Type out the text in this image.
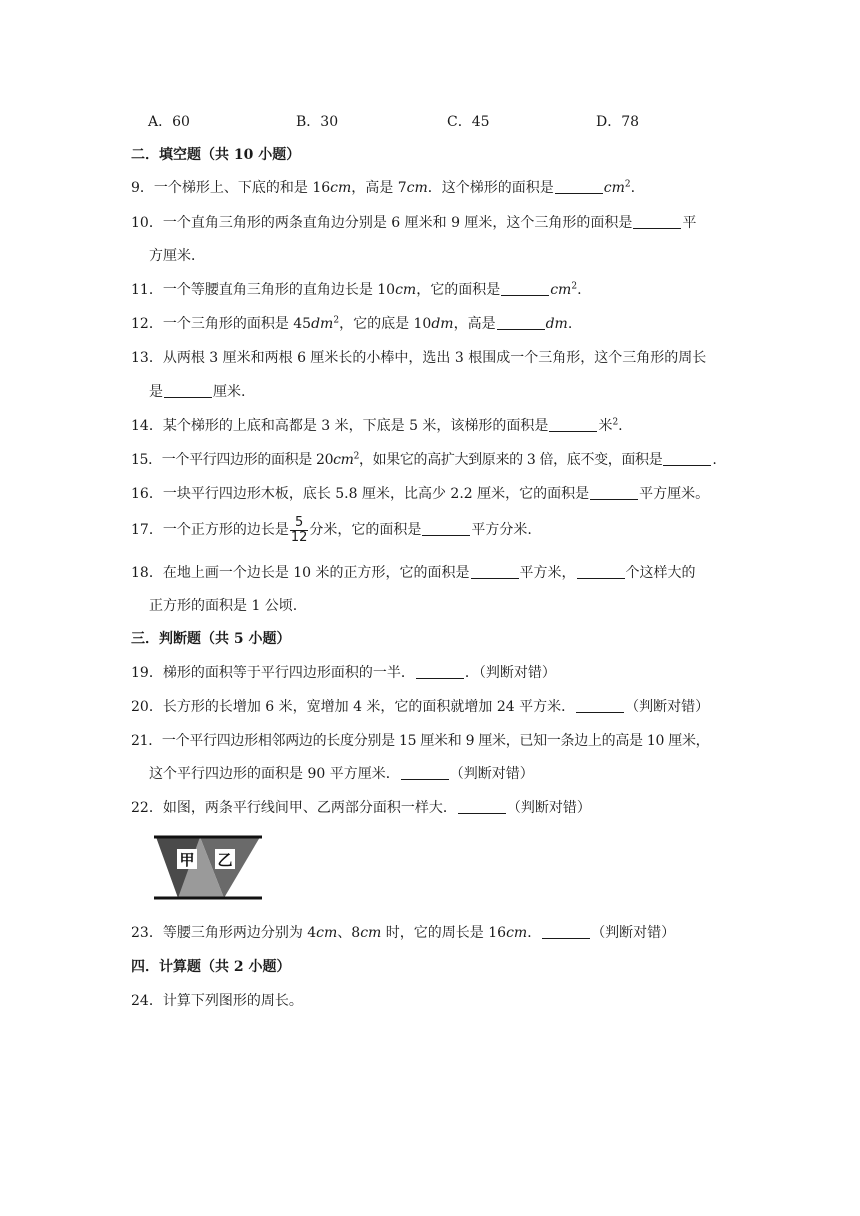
A．60	B．30	C．45	D．78
二．填空题（共 10 小题）
9．一个梯形上、下底的和是 16cm，高是 7cm．这个梯形的面积是	$cm^2$.
10．一个直角三角形的两条直角边分别是 6 厘米和 9 厘米，这个三角形的面积是	平
方厘米．
11．一个等腰直角三角形的直角边长是 10cm，它的面积是	$cm^2$.
12．一个三角形的面积是 $45dm^2$，它的底是 10dm，高是	dm.
13．从两根 3 厘米和两根 6 厘米长的小棒中，选出 3 根围成一个三角形，这个三角形的周长
是	厘米.
14．某个梯形的上底和高都是 3 米，下底是 5 米，该梯形的面积是	米$^2$.
15．一个平行四边形的面积是 $20cm^2$，如果它的高扩大到原来的 3 倍，底不变，面积是	.
16．一块平行四边形木板，底长 5.8 厘米，比高少 2.2 厘米，它的面积是	平方厘米。
17．一个正方形的边长是 $\frac{5}{12}$ 分米，它的面积是	平方分米.
18．在地上画一个边长是 10 米的正方形，它的面积是	平方米，	个这样大的
正方形的面积是 1 公顷.
三．判断题（共 5 小题）
19．梯形的面积等于平行四边形面积的一半．	．（判断对错）
20．长方形的长增加 6 米，宽增加 4 米，它的面积就增加 24 平方米．	（判断对错）
21．一个平行四边形相邻两边的长度分别是 15 厘米和 9 厘米，已知一条边上的高是 10 厘米，
这个平行四边形的面积是 90 平方厘米．	（判断对错）
22．如图，两条平行线间甲、乙两部分面积一样大．	（判断对错）
甲 乙
23．等腰三角形两边分别为 4cm、8cm 时，它的周长是 16cm．	（判断对错）
四．计算题（共 2 小题）
24．计算下列图形的周长。
